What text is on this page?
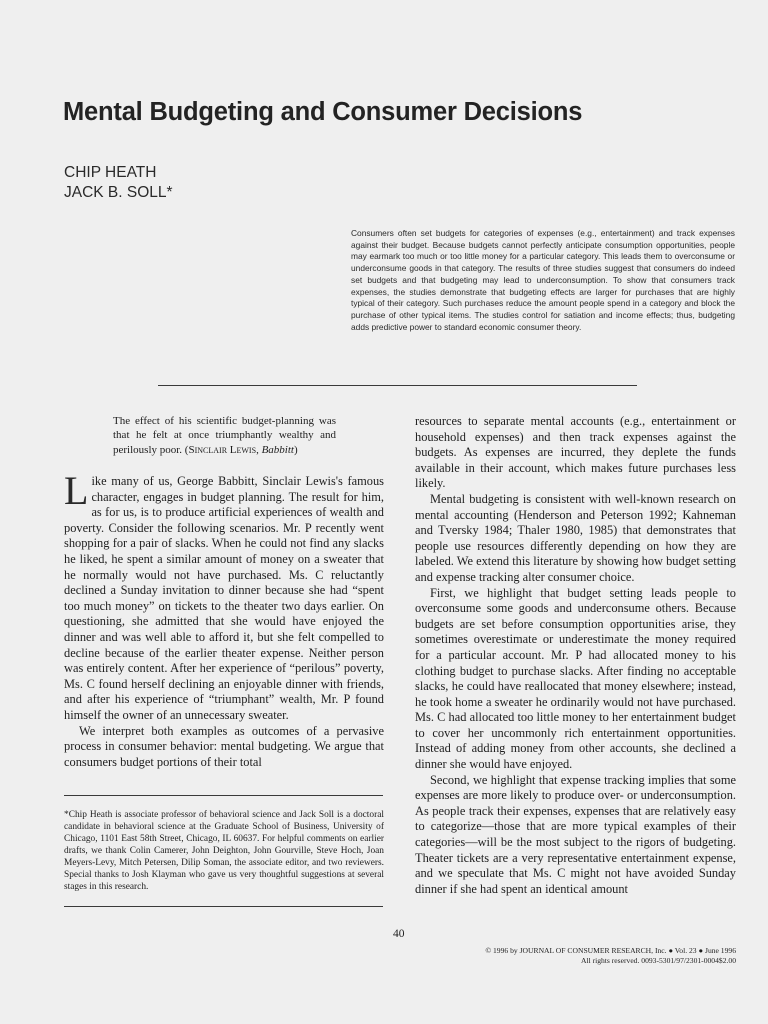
Mental Budgeting and Consumer Decisions
CHIP HEATH
JACK B. SOLL*
Consumers often set budgets for categories of expenses (e.g., entertainment) and track expenses against their budget. Because budgets cannot perfectly anticipate consumption opportunities, people may earmark too much or too little money for a particular category. This leads them to overconsume or underconsume goods in that category. The results of three studies suggest that consumers do indeed set budgets and that budgeting may lead to underconsumption. To show that consumers track expenses, the studies demonstrate that budgeting effects are larger for purchases that are highly typical of their category. Such purchases reduce the amount people spend in a category and block the purchase of other typical items. The studies control for satiation and income effects; thus, budgeting adds predictive power to standard economic consumer theory.
The effect of his scientific budget-planning was that he felt at once triumphantly wealthy and perilously poor. (Sinclair Lewis, Babbitt)

Like many of us, George Babbitt, Sinclair Lewis's famous character, engages in budget planning. The result for him, as for us, is to produce artificial experiences of wealth and poverty. Consider the following scenarios. Mr. P recently went shopping for a pair of slacks. When he could not find any slacks he liked, he spent a similar amount of money on a sweater that he normally would not have purchased. Ms. C reluctantly declined a Sunday invitation to dinner because she had “spent too much money” on tickets to the theater two days earlier. On questioning, she admitted that she would have enjoyed the dinner and was well able to afford it, but she felt compelled to decline because of the earlier theater expense. Neither person was entirely content. After her experience of “perilous” poverty, Ms. C found herself declining an enjoyable dinner with friends, and after his experience of “triumphant” wealth, Mr. P found himself the owner of an unnecessary sweater.

We interpret both examples as outcomes of a pervasive process in consumer behavior: mental budgeting. We argue that consumers budget portions of their total

resources to separate mental accounts (e.g., entertainment or household expenses) and then track expenses against the budgets. As expenses are incurred, they deplete the funds available in their account, which makes future purchases less likely.

Mental budgeting is consistent with well-known research on mental accounting (Henderson and Peterson 1992; Kahneman and Tversky 1984; Thaler 1980, 1985) that demonstrates that people use resources differently depending on how they are labeled. We extend this literature by showing how budget setting and expense tracking alter consumer choice.

First, we highlight that budget setting leads people to overconsume some goods and underconsume others. Because budgets are set before consumption opportunities arise, they sometimes overestimate or underestimate the money required for a particular account. Mr. P had allocated money to his clothing budget to purchase slacks. After finding no acceptable slacks, he could have reallocated that money elsewhere; instead, he took home a sweater he ordinarily would not have purchased. Ms. C had allocated too little money to her entertainment budget to cover her uncommonly rich entertainment opportunities. Instead of adding money from other accounts, she declined a dinner she would have enjoyed.

Second, we highlight that expense tracking implies that some expenses are more likely to produce over- or underconsumption. As people track their expenses, expenses that are relatively easy to categorize—those that are more typical examples of their categories—will be the most subject to the rigors of budgeting. Theater tickets are a very representative entertainment expense, and we speculate that Ms. C might not have avoided Sunday dinner if she had spent an identical amount

*Chip Heath is associate professor of behavioral science and Jack Soll is a doctoral candidate in behavioral science at the Graduate School of Business, University of Chicago, 1101 East 58th Street, Chicago, IL 60637. For helpful comments on earlier drafts, we thank Colin Camerer, John Deighton, John Gourville, Steve Hoch, Joan Meyers-Levy, Mitch Petersen, Dilip Soman, the associate editor, and two reviewers. Special thanks to Josh Klayman who gave us very thoughtful suggestions at several stages in this research.
40
© 1996 by JOURNAL OF CONSUMER RESEARCH, Inc. ● Vol. 23 ● June 1996
All rights reserved. 0093-5301/97/2301-0004$2.00
